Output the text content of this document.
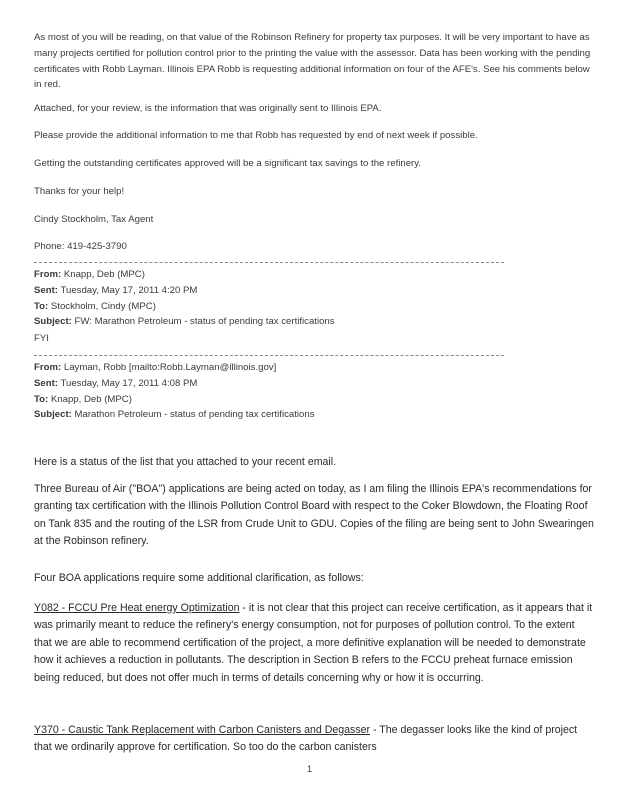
As most of you will be reading, on that value of the Robinson Refinery for property tax purposes. It will be very important to have as many projects certified for pollution control prior to the printing the value with the assessor. Data has been working with the pending certificates with Robb Layman. Illinois EPA Robb is requesting additional information on four of the AFE's. See his comments below in red.

Attached, for your review, is the information that was originally sent to Illinois EPA.

Please provide the additional information to me that Robb has requested by end of next week if possible.

Getting the outstanding certificates approved will be a significant tax savings to the refinery.

Thanks for your help!

Cindy Stockholm, Tax Agent

Phone: 419-425-3790

From: Knapp, Deb (MPC)
Sent: Tuesday, May 17, 2011 4:20 PM
To: Stockholm, Cindy (MPC)
Subject: FW: Marathon Petroleum - status of pending tax certifications

FYI

From: Layman, Robb [mailto:Robb.Layman@illinois.gov]
Sent: Tuesday, May 17, 2011 4:08 PM
To: Knapp, Deb (MPC)
Subject: Marathon Petroleum - status of pending tax certifications

Here is a status of the list that you attached to your recent email.

Three Bureau of Air ("BOA") applications are being acted on today, as I am filing the Illinois EPA's recommendations for granting tax certification with the Illinois Pollution Control Board with respect to the Coker Blowdown, the Floating Roof on Tank 835 and the routing of the LSR from Crude Unit to GDU. Copies of the filing are being sent to John Swearingen at the Robinson refinery.

Four BOA applications require some additional clarification, as follows:

Y082 - FCCU Pre Heat energy Optimization - it is not clear that this project can receive certification, as it appears that it was primarily meant to reduce the refinery's energy consumption, not for purposes of pollution control. To the extent that we are able to recommend certification of the project, a more definitive explanation will be needed to demonstrate how it achieves a reduction in pollutants. The description in Section B refers to the FCCU preheat furnace emission being reduced, but does not offer much in terms of details concerning why or how it is occurring.

Y370 - Caustic Tank Replacement with Carbon Canisters and Degasser - The degasser looks like the kind of project that we ordinarily approve for certification. So too do the carbon canisters

1
